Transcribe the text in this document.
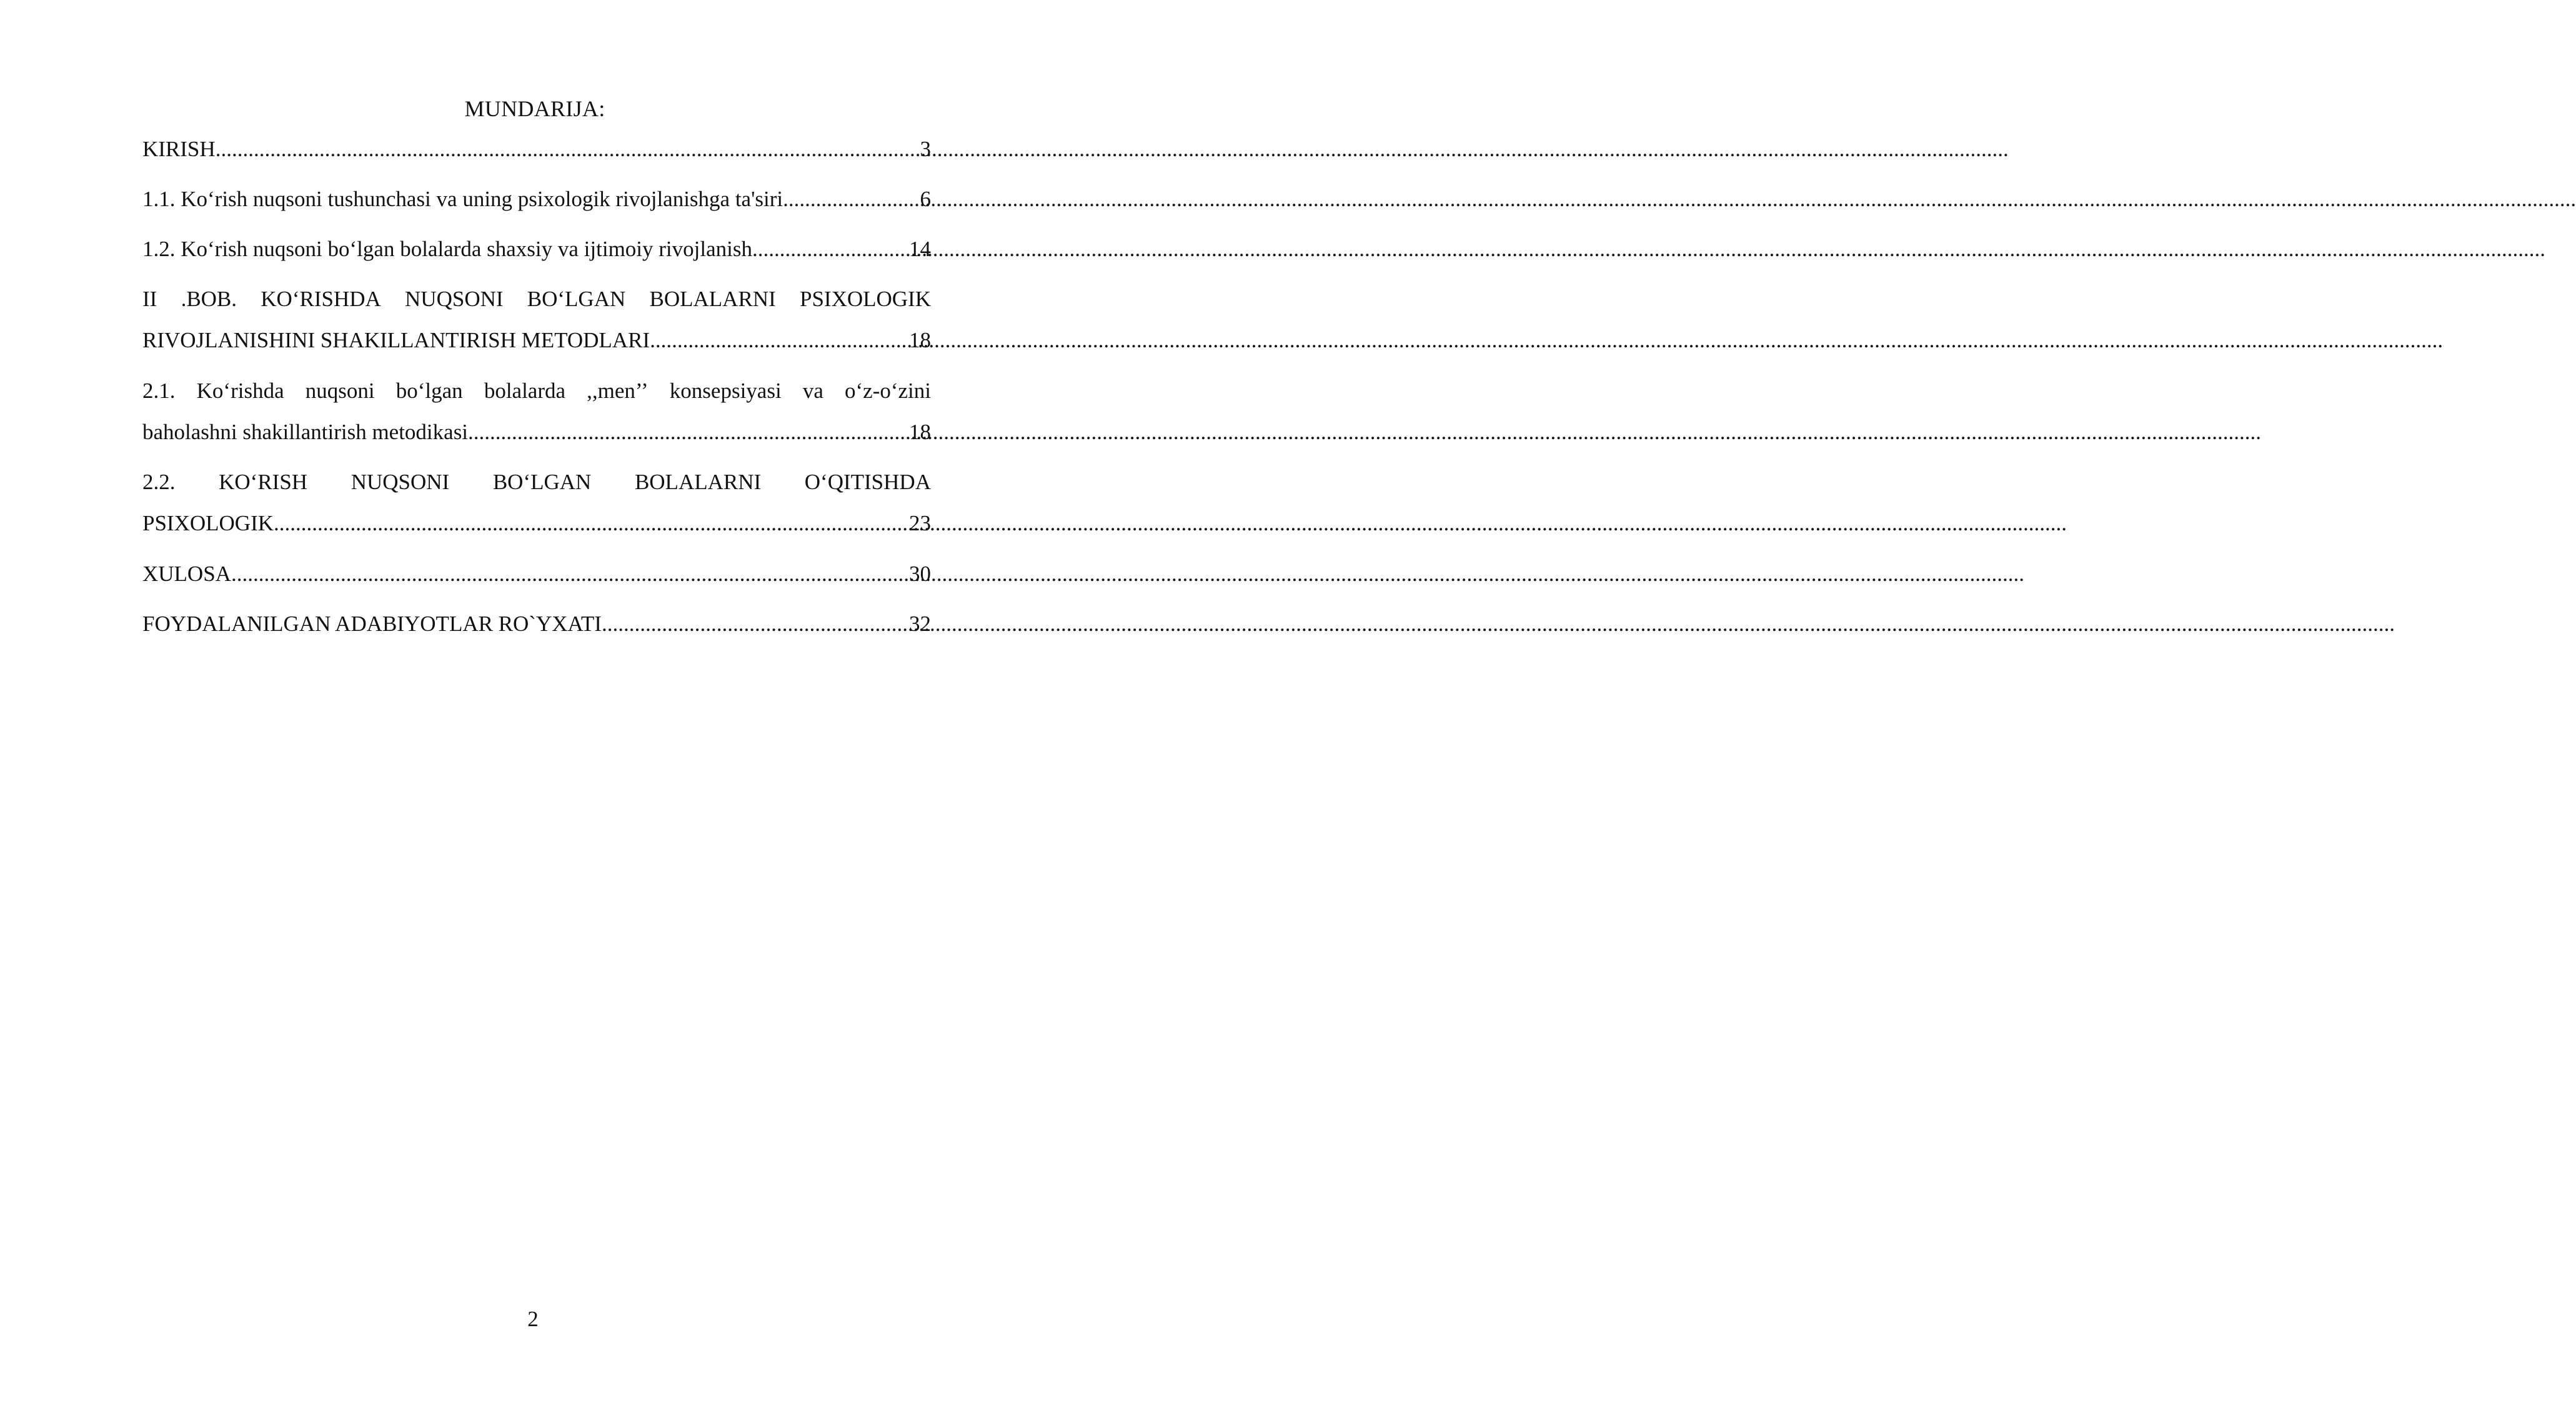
MUNDARIJA:
KIRISH .....	3
1.1. Ko‘rish nuqsoni tushunchasi va uning psixologik rivojlanishga ta'siri .....	6
1.2. Ko‘rish nuqsoni bo‘lgan bolalarda shaxsiy va ijtimoiy rivojlanish .....	14
II .BOB. KO‘RISHDA NUQSONI BO‘LGAN BOLALARNI PSIXOLOGIK
RIVOJLANISHINI SHAKILLANTIRISH METODLARI .....	18
2.1. Ko‘rishda nuqsoni bo‘lgan bolalarda ,,men’’ konsepsiyasi va o‘z-o‘zini
baholashni shakillantirish metodikasi .....	18
2.2. KO‘RISH NUQSONI BO‘LGAN BOLALARNI O‘QITISHDA
PSIXOLOGIK .....	23
XULOSA .....	30
FOYDALANILGAN ADABIYOTLAR RO`YXATI .....	32
2
